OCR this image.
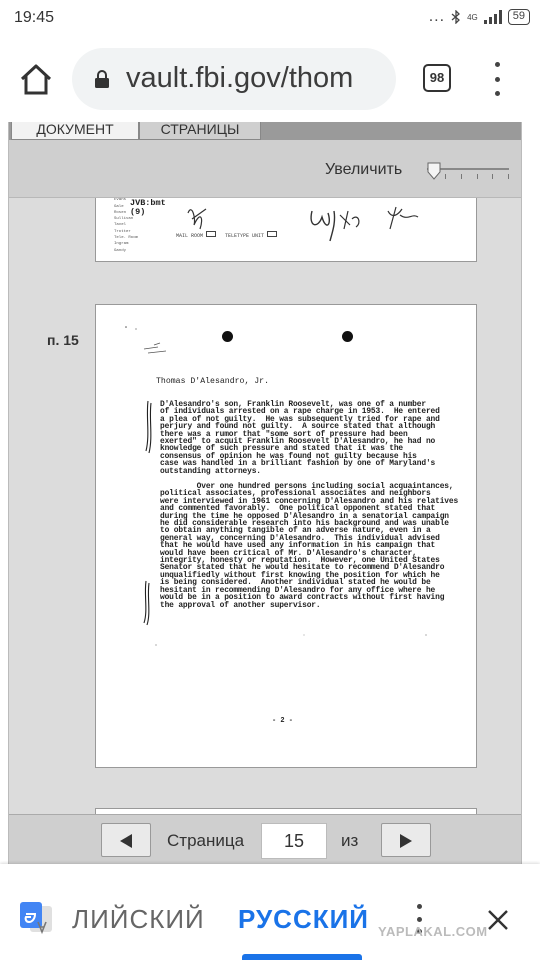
19:45	...	4G	59
vault.fbi.gov/thom	98
ДОКУМЕНТ	СТРАНИЦЫ
Увеличить
Evans
Gale
Rosen
Sullivan
Tavel
Trotter
Tele. Room
Ingram
Gandy
JVB:bmt
(9)
MAIL ROOM	TELETYPE UNIT
п. 15
Thomas D'Alesandro, Jr.
D'Alesandro's son, Franklin Roosevelt, was one of a number
of individuals arrested on a rape charge in 1953.  He entered
a plea of not guilty.  He was subsequently tried for rape and
perjury and found not guilty.  A source stated that although
there was a rumor that "some sort of pressure had been
exerted" to acquit Franklin Roosevelt D'Alesandro, he had no
knowledge of such pressure and stated that it was the
consensus of opinion he was found not guilty because his
case was handled in a brilliant fashion by one of Maryland's
outstanding attorneys.
Over one hundred persons including social acquaintances,
political associates, professional associates and neighbors
were interviewed in 1961 concerning D'Alesandro and his relatives
and commented favorably.  One political opponent stated that
during the time he opposed D'Alesandro in a senatorial campaign
he did considerable research into his background and was unable
to obtain anything tangible of an adverse nature, even in a
general way, concerning D'Alesandro.  This individual advised
that he would have used any information in his campaign that
would have been critical of Mr. D'Alesandro's character,
integrity, honesty or reputation.  However, one United States
Senator stated that he would hesitate to recommend D'Alesandro
unqualifiedly without first knowing the position for which he
is being considered.  Another individual stated he would be
hesitant in recommending D'Alesandro for any office where he
would be in a position to award contracts without first having
the approval of another supervisor.
- 2 -
Страница	15	из
ЛИЙСКИЙ РУССКИЙ YAPLAKAL.COM
